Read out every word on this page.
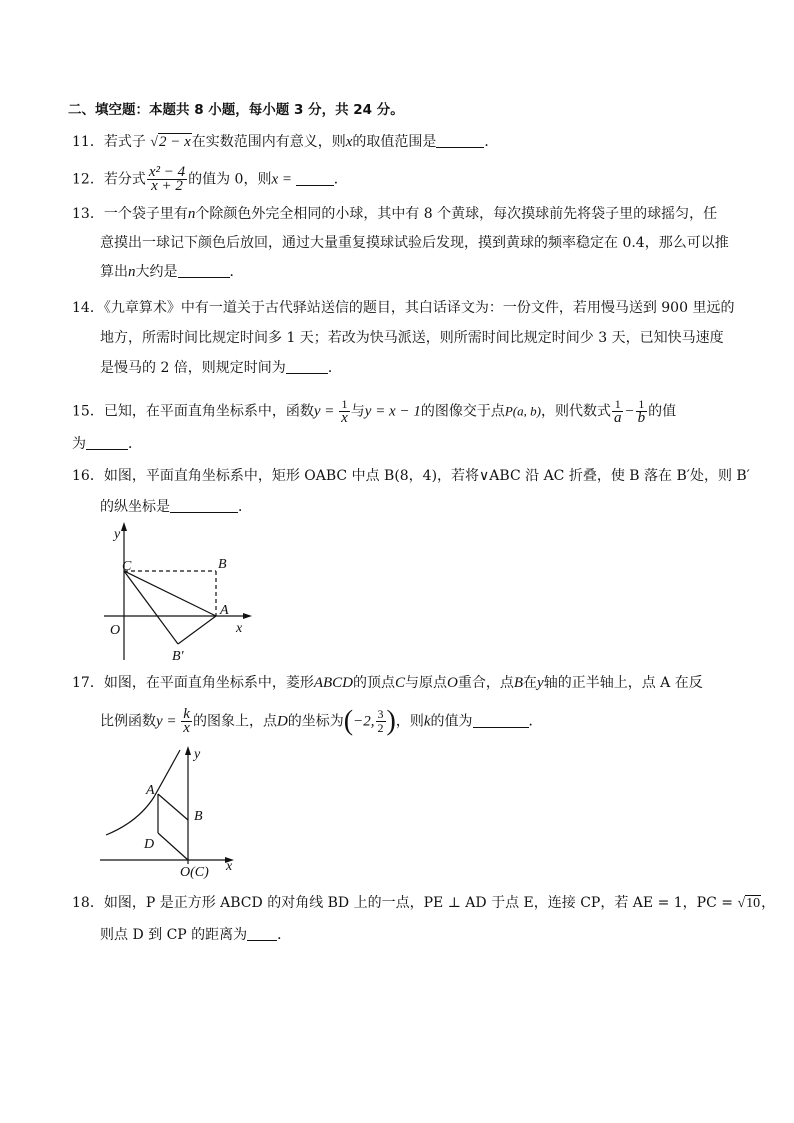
二、填空题：本题共 8 小题，每小题 3 分，共 24 分。
11．若式子 √2 − x在实数范围内有意义，则x的取值范围是	．
12．若分式 $\frac{\text{x² − 4}}{x + 2}$ 的值为 0，则x =	．
13．一个袋子里有n个除颜色外完全相同的小球，其中有 8 个黄球，每次摸球前先将袋子里的球摇匀，任
意摸出一球记下颜色后放回，通过大量重复摸球试验后发现，摸到黄球的频率稳定在 0.4，那么可以推
算出n大约是	．
14．《九章算术》中有一道关于古代驿站送信的题目，其白话译文为：一份文件，若用慢马送到 900 里远的
地方，所需时间比规定时间多 1 天；若改为快马派送，则所需时间比规定时间少 3 天，已知快马速度
是慢马的 2 倍，则规定时间为	．
15．已知，在平面直角坐标系中，函数$y = \frac{1}{x}$ 与y = x − 1的图像交于点P(a, b)，则代数式 $\frac{1}{a} - \frac{1}{b}$ 的值
为	．
16．如图，平面直角坐标系中，矩形 OABC 中点 B(8，4)，若将∨ABC 沿 AC 折叠，使 B 落在 B′处，则 B′
的纵坐标是	．
y
C	B
A
x
O
B′
17．如图，在平面直角坐标系中，菱形ABCD的顶点C与原点O重合，点B在y轴的正半轴上，点 A 在反
比例函数$y = \frac{k}{x}$ 的图象上，点D的坐标为(−2, $\frac{3}{2}$ )，则k的值为	．
y
A
B
D
O(C) x
18．如图，P 是正方形 ABCD 的对角线 BD 上的一点，PE ⊥ AD 于点 E，连接 CP，若 AE = 1，PC = √10，
则点 D 到 CP 的距离为 ．
